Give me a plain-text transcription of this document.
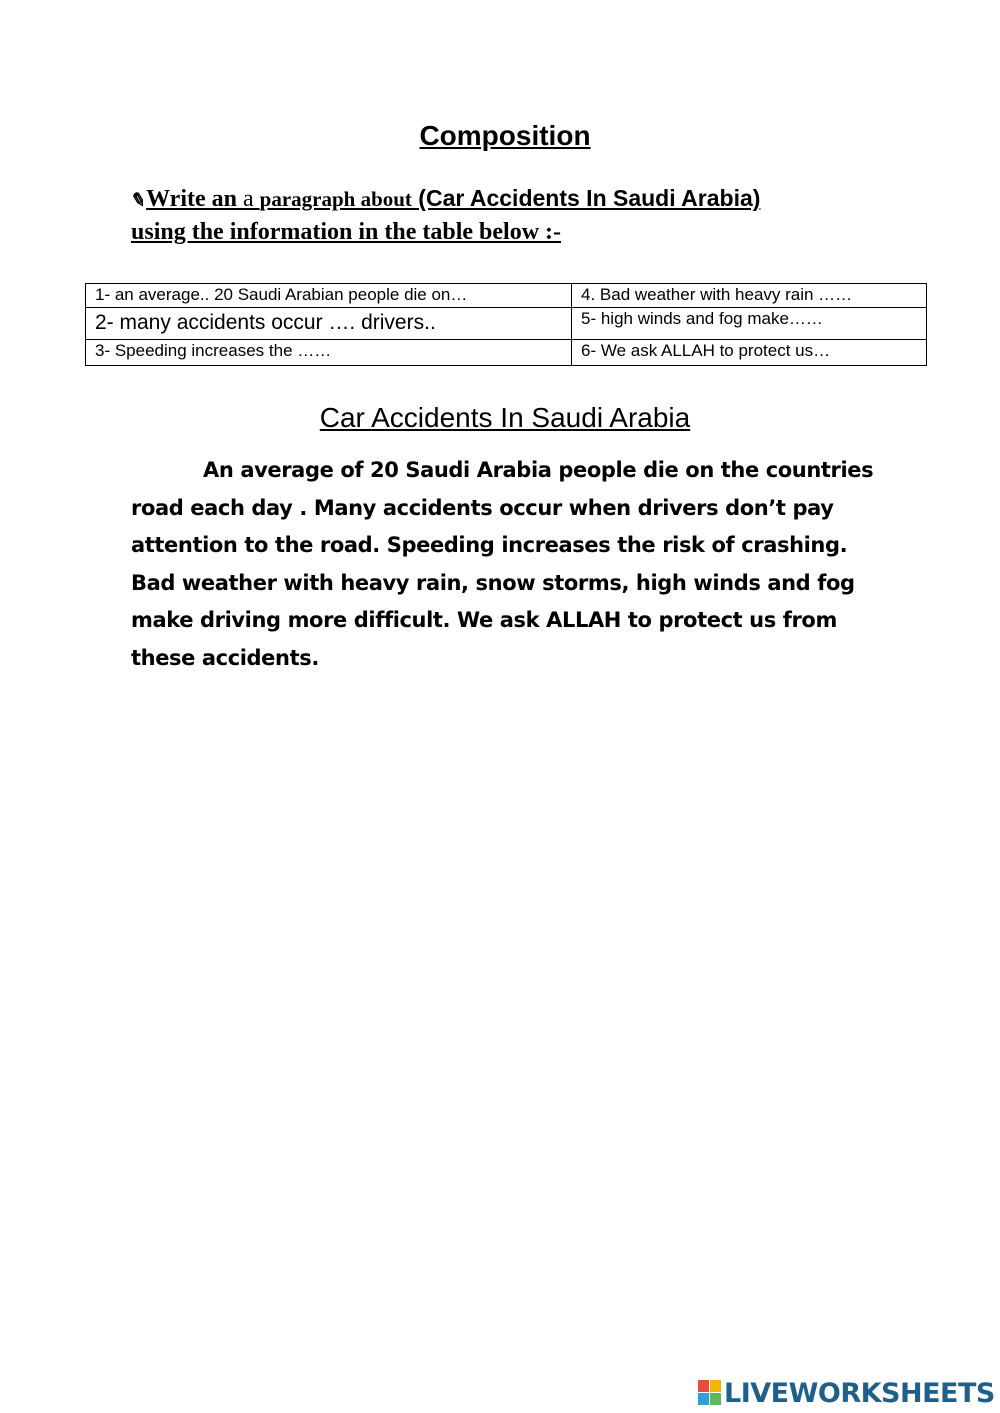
Composition
✎Write an a paragraph about (Car Accidents In Saudi Arabia)
using the information in the table below :-
1- an average.. 20 Saudi Arabian people die on…	4. Bad weather with heavy rain ……
2- many accidents occur …. drivers..	5- high winds and fog make……
3- Speeding increases the ……	6- We ask ALLAH to protect us…
Car Accidents In Saudi Arabia

An average of 20 Saudi Arabia people die on the countries road each day . Many accidents occur when drivers don’t pay attention to the road. Speeding increases the risk of crashing. Bad weather with heavy rain, snow storms, high winds and fog make driving more difficult. We ask ALLAH to protect us from these accidents.

LIVEWORKSHEETS
